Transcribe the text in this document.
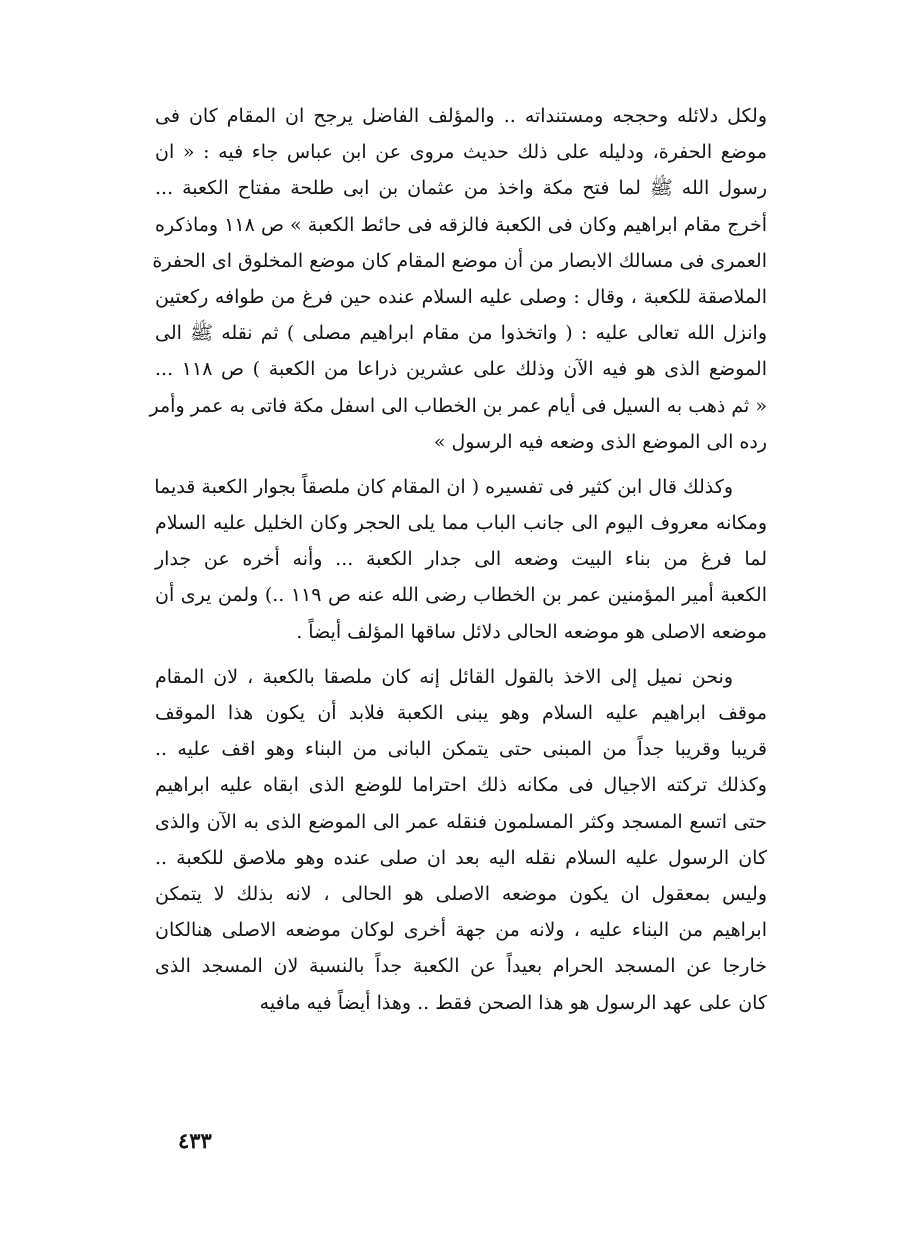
ولكل دلائله وحججه ومستنداته .. والمؤلف الفاضل يرجح ان المقام كان فى
موضع الحفرة، ودليله على ذلك حديث مروى عن ابن عباس جاء فيه : « ان
رسول الله ﷺ لما فتح مكة واخذ من عثمان بن ابى طلحة مفتاح الكعبة ...
أخرج مقام ابراهيم وكان فى الكعبة فالزقه فى حائط الكعبة » ص ١١٨ وماذكره
العمرى فى مسالك الابصار من أن موضع المقام كان موضع المخلوق اى الحفرة
الملاصقة للكعبة ، وقال : وصلى عليه السلام عنده حين فرغ من طوافه ركعتين
وانزل الله تعالى عليه : ( واتخذوا من مقام ابراهيم مصلى ) ثم نقله ﷺ الى
الموضع الذى هو فيه الآن وذلك على عشرين ذراعا من الكعبة ) ص ١١٨ ...
« ثم ذهب به السيل فى أيام عمر بن الخطاب الى اسفل مكة فاتى به عمر وأمر
رده الى الموضع الذى وضعه فيه الرسول »
وكذلك قال ابن كثير فى تفسيره ( ان المقام كان ملصقاً بجوار الكعبة قديما
ومكانه معروف اليوم الى جانب الباب مما يلى الحجر وكان الخليل عليه السلام
لما فرغ من بناء البيت وضعه الى جدار الكعبة ... وأنه أخره عن جدار
الكعبة أمير المؤمنين عمر بن الخطاب رضى الله عنه ص ١١٩ ..) ولمن يرى أن
موضعه الاصلى هو موضعه الحالى دلائل ساقها المؤلف أيضاً .
ونحن نميل إلى الاخذ بالقول القائل إنه كان ملصقا بالكعبة ، لان المقام
موقف ابراهيم عليه السلام وهو يبنى الكعبة فلابد أن يكون هذا الموقف
قريبا وقريبا جداً من المبنى حتى يتمكن البانى من البناء وهو اقف عليه ..
وكذلك تركته الاجيال فى مكانه ذلك احتراما للوضع الذى ابقاه عليه ابراهيم
حتى اتسع المسجد وكثر المسلمون فنقله عمر الى الموضع الذى به الآن والذى
كان الرسول عليه السلام نقله اليه بعد ان صلى عنده وهو ملاصق للكعبة ..
وليس بمعقول ان يكون موضعه الاصلى هو الحالى ، لانه بذلك لا يتمكن
ابراهيم من البناء عليه ، ولانه من جهة أخرى لوكان موضعه الاصلى هنالكان
خارجا عن المسجد الحرام بعيداً عن الكعبة جداً بالنسبة لان المسجد الذى
كان على عهد الرسول هو هذا الصحن فقط .. وهذا أيضاً فيه مافيه
٤٣٣
